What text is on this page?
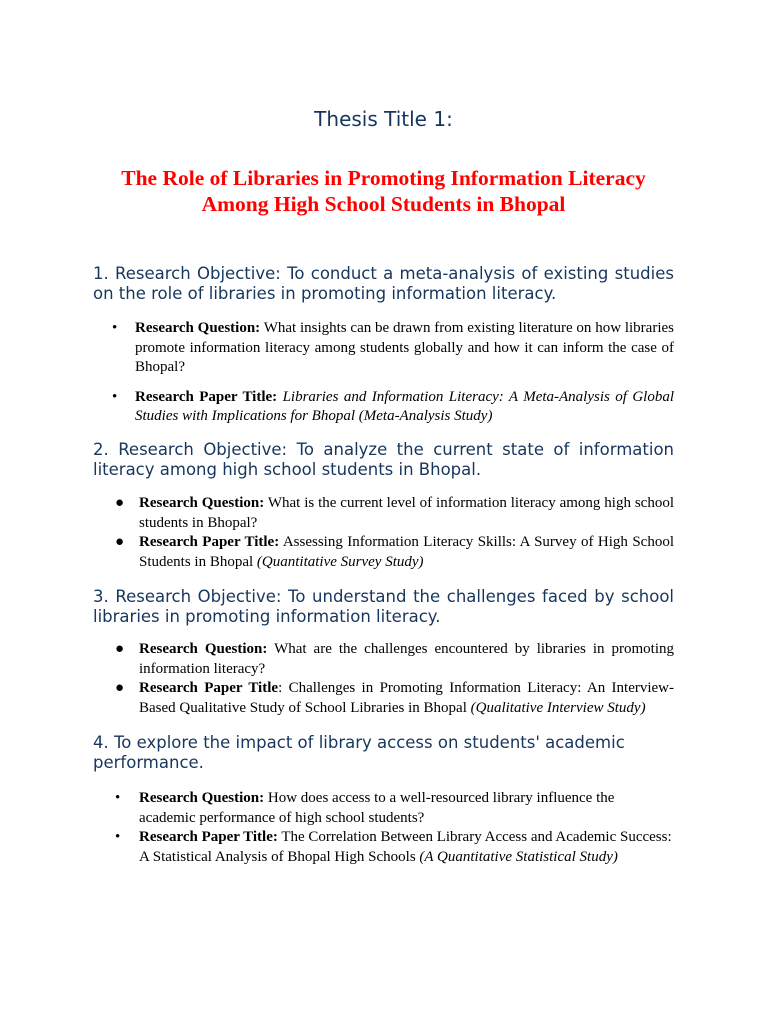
Thesis Title 1:
The Role of Libraries in Promoting Information Literacy
Among High School Students in Bhopal

1. Research Objective: To conduct a meta-analysis of existing studies on the role of libraries in promoting information literacy.

• Research Question: What insights can be drawn from existing literature on how libraries promote information literacy among students globally and how it can inform the case of Bhopal?
• Research Paper Title: Libraries and Information Literacy: A Meta-Analysis of Global Studies with Implications for Bhopal (Meta-Analysis Study)

2. Research Objective: To analyze the current state of information literacy among high school students in Bhopal.

● Research Question: What is the current level of information literacy among high school students in Bhopal?
● Research Paper Title: Assessing Information Literacy Skills: A Survey of High School Students in Bhopal (Quantitative Survey Study)

3. Research Objective: To understand the challenges faced by school libraries in promoting information literacy.

● Research Question: What are the challenges encountered by libraries in promoting information literacy?
● Research Paper Title: Challenges in Promoting Information Literacy: An Interview-Based Qualitative Study of School Libraries in Bhopal (Qualitative Interview Study)

4. To explore the impact of library access on students' academic performance.

• Research Question: How does access to a well-resourced library influence the academic performance of high school students?
• Research Paper Title: The Correlation Between Library Access and Academic Success: A Statistical Analysis of Bhopal High Schools (A Quantitative Statistical Study)
